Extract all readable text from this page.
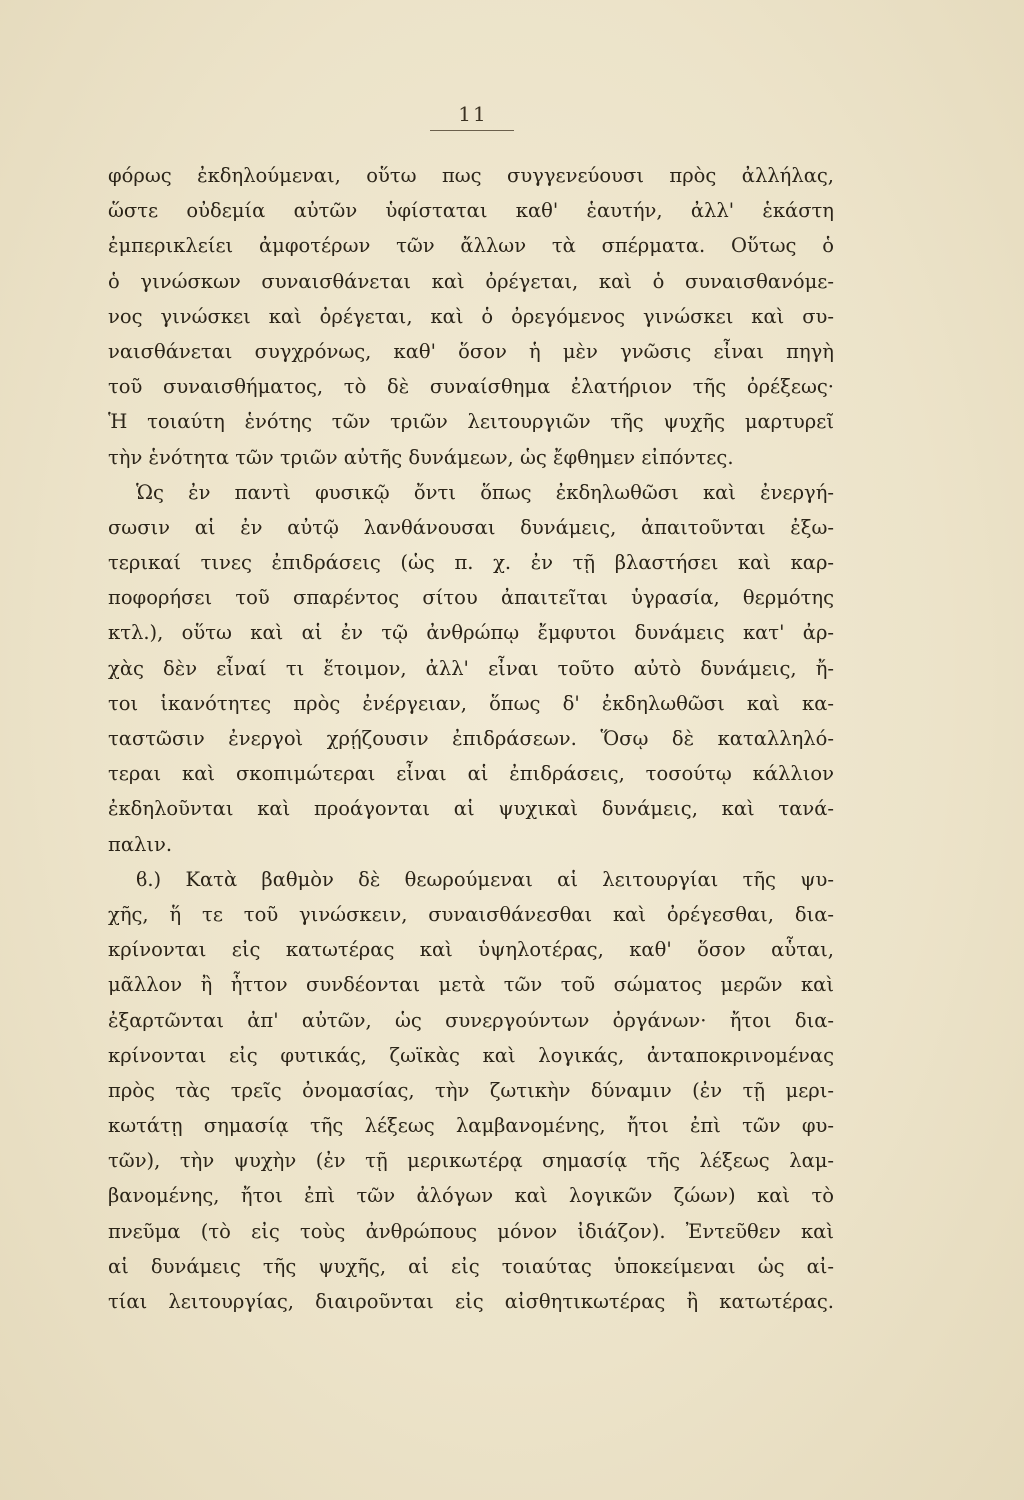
11
φόρως ἐκδηλούμεναι, οὕτω πως συγγενεύουσι πρὸς ἀλλήλας,
ὥστε οὐδεμία αὐτῶν ὑφίσταται καθ' ἑαυτήν, ἀλλ' ἑκάστη
ἐμπερικλείει ἀμφοτέρων τῶν ἄλλων τὰ σπέρματα. Οὕτως ὁ
ὁ γινώσκων συναισθάνεται καὶ ὀρέγεται, καὶ ὁ συναισθανόμε-
νος γινώσκει καὶ ὀρέγεται, καὶ ὁ ὀρεγόμενος γινώσκει καὶ συ-
ναισθάνεται συγχρόνως, καθ' ὅσον ἡ μὲν γνῶσις εἶναι πηγὴ
τοῦ συναισθήματος, τὸ δὲ συναίσθημα ἐλατήριον τῆς ὀρέξεως·
Ἡ τοιαύτη ἑνότης τῶν τριῶν λειτουργιῶν τῆς ψυχῆς μαρτυρεῖ
τὴν ἑνότητα τῶν τριῶν αὐτῆς δυνάμεων, ὡς ἔφθημεν εἰπόντες.
Ὡς ἐν παντὶ φυσικῷ ὄντι ὅπως ἐκδηλωθῶσι καὶ ἐνεργή-
σωσιν αἱ ἐν αὐτῷ λανθάνουσαι δυνάμεις, ἀπαιτοῦνται ἐξω-
τερικαί τινες ἐπιδράσεις (ὡς π. χ. ἐν τῇ βλαστήσει καὶ καρ-
ποφορήσει τοῦ σπαρέντος σίτου ἀπαιτεῖται ὑγρασία, θερμότης
κτλ.), οὕτω καὶ αἱ ἐν τῷ ἀνθρώπῳ ἔμφυτοι δυνάμεις κατ' ἀρ-
χὰς δὲν εἶναί τι ἕτοιμον, ἀλλ' εἶναι τοῦτο αὐτὸ δυνάμεις, ἤ-
τοι ἱκανότητες πρὸς ἐνέργειαν, ὅπως δ' ἐκδηλωθῶσι καὶ κα-
ταστῶσιν ἐνεργοὶ χρῄζουσιν ἐπιδράσεων. Ὅσῳ δὲ καταλληλό-
τεραι καὶ σκοπιμώτεραι εἶναι αἱ ἐπιδράσεις, τοσούτῳ κάλλιον
ἐκδηλοῦνται καὶ προάγονται αἱ ψυχικαὶ δυνάμεις, καὶ τανά-
παλιν.
ϐ.) Κατὰ βαθμὸν δὲ θεωρούμεναι αἱ λειτουργίαι τῆς ψυ-
χῆς, ἥ τε τοῦ γινώσκειν, συναισθάνεσθαι καὶ ὀρέγεσθαι, δια-
κρίνονται εἰς κατωτέρας καὶ ὑψηλοτέρας, καθ' ὅσον αὗται,
μᾶλλον ἢ ἧττον συνδέονται μετὰ τῶν τοῦ σώματος μερῶν καὶ
ἐξαρτῶνται ἀπ' αὐτῶν, ὡς συνεργούντων ὀργάνων· ἤτοι δια-
κρίνονται εἰς φυτικάς, ζωϊκὰς καὶ λογικάς, ἀνταποκρινομένας
πρὸς τὰς τρεῖς ὀνομασίας, τὴν ζωτικὴν δύναμιν (ἐν τῇ μερι-
κωτάτῃ σημασίᾳ τῆς λέξεως λαμβανομένης, ἤτοι ἐπὶ τῶν φυ-
τῶν), τὴν ψυχὴν (ἐν τῇ μερικωτέρᾳ σημασίᾳ τῆς λέξεως λαμ-
βανομένης, ἤτοι ἐπὶ τῶν ἀλόγων καὶ λογικῶν ζώων) καὶ τὸ
πνεῦμα (τὸ εἰς τοὺς ἀνθρώπους μόνον ἰδιάζον). Ἐντεῦθεν καὶ
αἱ δυνάμεις τῆς ψυχῆς, αἱ εἰς τοιαύτας ὑποκείμεναι ὡς αἰ-
τίαι λειτουργίας, διαιροῦνται εἰς αἰσθητικωτέρας ἢ κατωτέρας.
